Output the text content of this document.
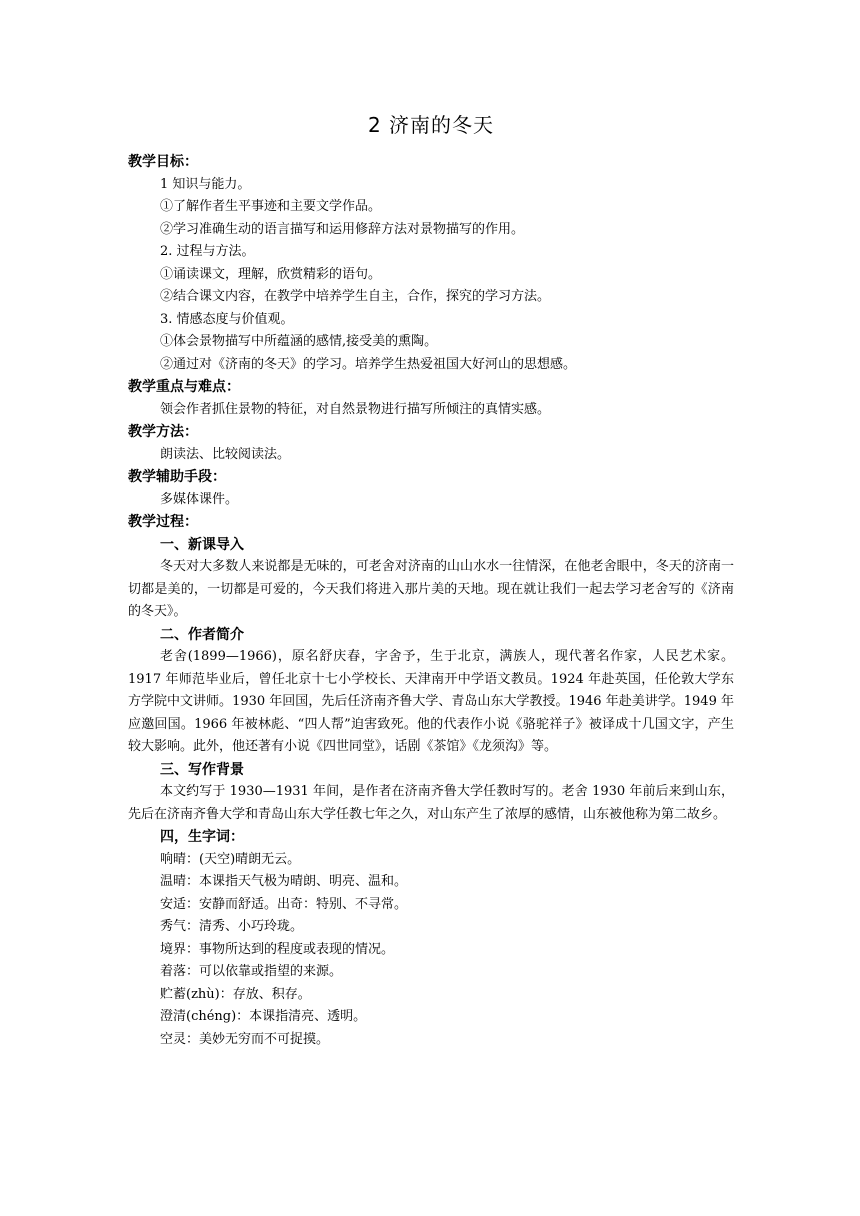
2 济南的冬天

教学目标：

1 知识与能力。

①了解作者生平事迹和主要文学作品。

②学习准确生动的语言描写和运用修辞方法对景物描写的作用。

2. 过程与方法。

①诵读课文，理解，欣赏精彩的语句。

②结合课文内容，在教学中培养学生自主，合作，探究的学习方法。

3. 情感态度与价值观。

①体会景物描写中所蕴涵的感情,接受美的熏陶。

②通过对《济南的冬天》的学习。培养学生热爱祖国大好河山的思想感。

教学重点与难点：

领会作者抓住景物的特征，对自然景物进行描写所倾注的真情实感。

教学方法：

朗读法、比较阅读法。

教学辅助手段：

多媒体课件。

教学过程：

一、新课导入

冬天对大多数人来说都是无味的，可老舍对济南的山山水水一往情深，在他老舍眼中，冬天的济南一切都是美的，一切都是可爱的，今天我们将进入那片美的天地。现在就让我们一起去学习老舍写的《济南的冬天》。

二、作者简介

老舍(1899—1966)，原名舒庆春，字舍予，生于北京，满族人，现代著名作家，人民艺术家。1917 年师范毕业后，曾任北京十七小学校长、天津南开中学语文教员。1924 年赴英国，任伦敦大学东方学院中文讲师。1930 年回国，先后任济南齐鲁大学、青岛山东大学教授。1946 年赴美讲学。1949 年应邀回国。1966 年被林彪、“四人帮”迫害致死。他的代表作小说《骆驼祥子》被译成十几国文字，产生较大影响。此外，他还著有小说《四世同堂》，话剧《茶馆》《龙须沟》等。

三、写作背景

本文约写于 1930—1931 年间，是作者在济南齐鲁大学任教时写的。老舍 1930 年前后来到山东，先后在济南齐鲁大学和青岛山东大学任教七年之久，对山东产生了浓厚的感情，山东被他称为第二故乡。

四，生字词：

响晴：(天空)晴朗无云。

温晴：本课指天气极为晴朗、明亮、温和。

安适：安静而舒适。出奇：特别、不寻常。

秀气：清秀、小巧玲珑。

境界：事物所达到的程度或表现的情况。

着落：可以依靠或指望的来源。

贮蓄(zhù)：存放、积存。

澄清(chéng)：本课指清亮、透明。

空灵：美妙无穷而不可捉摸。
